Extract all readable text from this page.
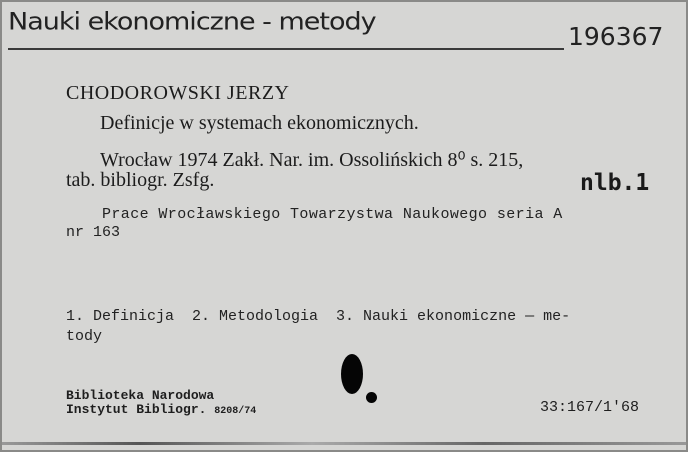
Nauki ekonomiczne - metody
196367
CHODOROWSKI JERZY
Definicje w systemach ekonomicznych.
Wrocław 1974 Zakł. Nar. im. Ossolińskich 8⁰ s. 215,
tab. bibliogr. Zsfg.	nlb.1
Prace Wrocławskiego Towarzystwa Naukowego seria A
nr 163
1. Definicja  2. Metodologia  3. Nauki ekonomiczne — me-
tody
Biblioteka Narodowa
Instytut Bibliogr. 8208/74	33:167/1'68
